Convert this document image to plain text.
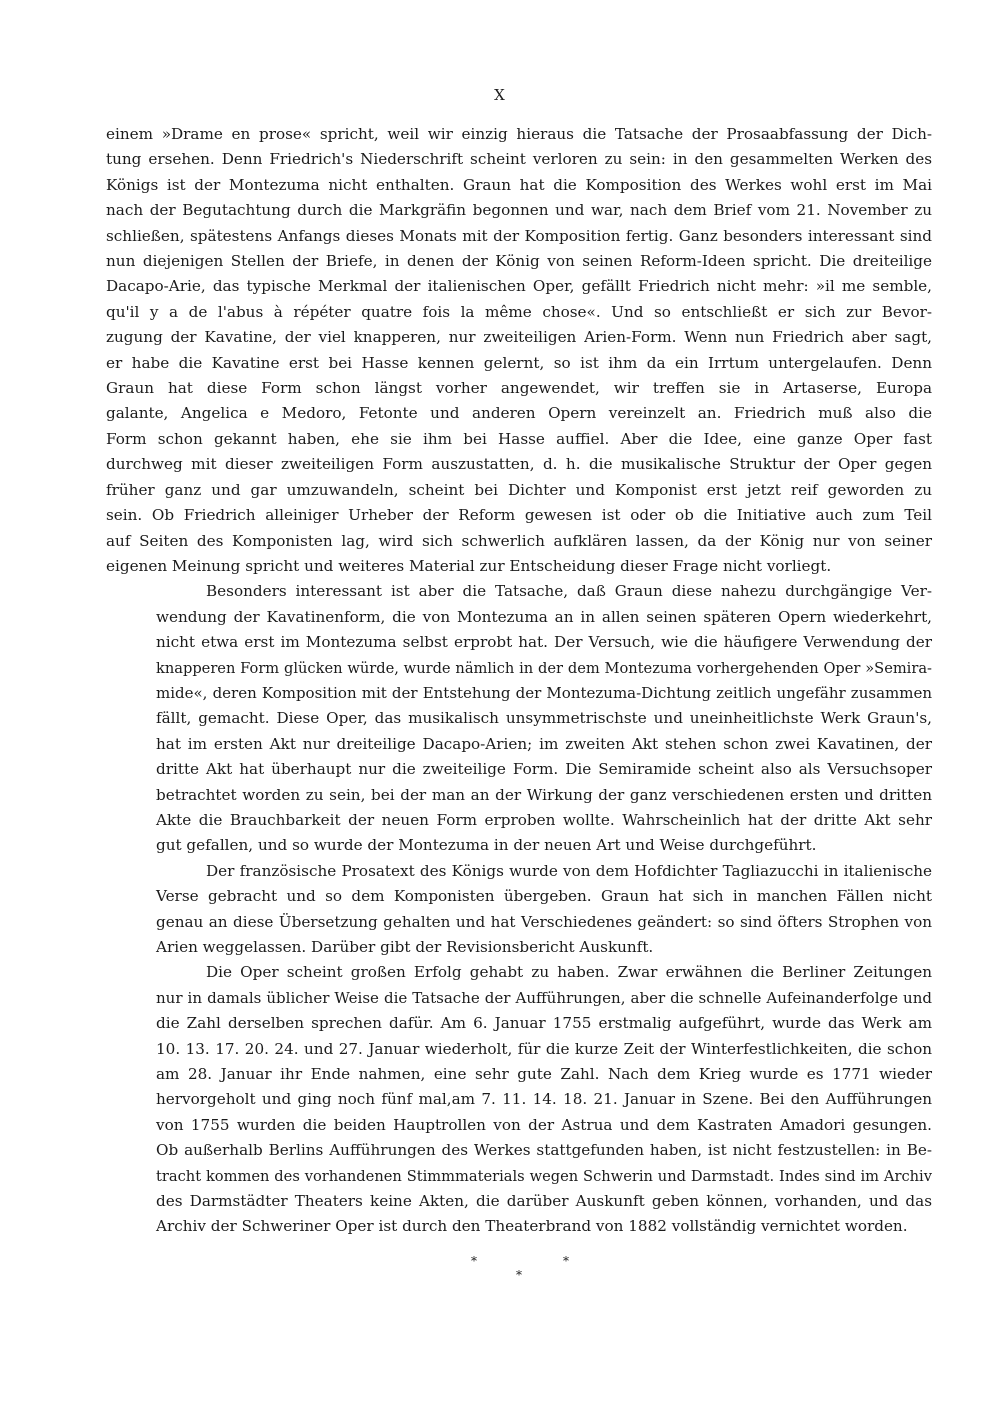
X
einem »Drame en prose« spricht, weil wir einzig hieraus die Tatsache der Prosaabfassung der Dich-
tung ersehen. Denn Friedrich's Niederschrift scheint verloren zu sein: in den gesammelten Werken des
Königs ist der Montezuma nicht enthalten. Graun hat die Komposition des Werkes wohl erst im Mai
nach der Begutachtung durch die Markgräfin begonnen und war, nach dem Brief vom 21. November zu
schließen, spätestens Anfangs dieses Monats mit der Komposition fertig. Ganz besonders interessant sind
nun diejenigen Stellen der Briefe, in denen der König von seinen Reform-Ideen spricht. Die dreiteilige
Dacapo-Arie, das typische Merkmal der italienischen Oper, gefällt Friedrich nicht mehr: »il me semble,
qu'il y a de l'abus à répéter quatre fois la même chose«. Und so entschließt er sich zur Bevor-
zugung der Kavatine, der viel knapperen, nur zweiteiligen Arien-Form. Wenn nun Friedrich aber sagt,
er habe die Kavatine erst bei Hasse kennen gelernt, so ist ihm da ein Irrtum untergelaufen. Denn
Graun hat diese Form schon längst vorher angewendet, wir treffen sie in Artaserse, Europa
galante, Angelica e Medoro, Fetonte und anderen Opern vereinzelt an. Friedrich muß also die
Form schon gekannt haben, ehe sie ihm bei Hasse auffiel. Aber die Idee, eine ganze Oper fast
durchweg mit dieser zweiteiligen Form auszustatten, d. h. die musikalische Struktur der Oper gegen
früher ganz und gar umzuwandeln, scheint bei Dichter und Komponist erst jetzt reif geworden zu
sein. Ob Friedrich alleiniger Urheber der Reform gewesen ist oder ob die Initiative auch zum Teil
auf Seiten des Komponisten lag, wird sich schwerlich aufklären lassen, da der König nur von seiner
eigenen Meinung spricht und weiteres Material zur Entscheidung dieser Frage nicht vorliegt.
Besonders interessant ist aber die Tatsache, daß Graun diese nahezu durchgängige Ver-
wendung der Kavatinenform, die von Montezuma an in allen seinen späteren Opern wiederkehrt,
nicht etwa erst im Montezuma selbst erprobt hat. Der Versuch, wie die häufigere Verwendung der
knapperen Form glücken würde, wurde nämlich in der dem Montezuma vorhergehenden Oper »Semira-
mide«, deren Komposition mit der Entstehung der Montezuma-Dichtung zeitlich ungefähr zusammen
fällt, gemacht. Diese Oper, das musikalisch unsymmetrischste und uneinheitlichste Werk Graun's,
hat im ersten Akt nur dreiteilige Dacapo-Arien; im zweiten Akt stehen schon zwei Kavatinen, der
dritte Akt hat überhaupt nur die zweiteilige Form. Die Semiramide scheint also als Versuchsoper
betrachtet worden zu sein, bei der man an der Wirkung der ganz verschiedenen ersten und dritten
Akte die Brauchbarkeit der neuen Form erproben wollte. Wahrscheinlich hat der dritte Akt sehr
gut gefallen, und so wurde der Montezuma in der neuen Art und Weise durchgeführt.
Der französische Prosatext des Königs wurde von dem Hofdichter Tagliazucchi in italienische
Verse gebracht und so dem Komponisten übergeben. Graun hat sich in manchen Fällen nicht
genau an diese Übersetzung gehalten und hat Verschiedenes geändert: so sind öfters Strophen von
Arien weggelassen. Darüber gibt der Revisionsbericht Auskunft.
Die Oper scheint großen Erfolg gehabt zu haben. Zwar erwähnen die Berliner Zeitungen
nur in damals üblicher Weise die Tatsache der Aufführungen, aber die schnelle Aufeinanderfolge und
die Zahl derselben sprechen dafür. Am 6. Januar 1755 erstmalig aufgeführt, wurde das Werk am
10. 13. 17. 20. 24. und 27. Januar wiederholt, für die kurze Zeit der Winterfestlichkeiten, die schon
am 28. Januar ihr Ende nahmen, eine sehr gute Zahl. Nach dem Krieg wurde es 1771 wieder
hervorgeholt und ging noch fünf mal,am 7. 11. 14. 18. 21. Januar in Szene. Bei den Aufführungen
von 1755 wurden die beiden Hauptrollen von der Astrua und dem Kastraten Amadori gesungen.
Ob außerhalb Berlins Aufführungen des Werkes stattgefunden haben, ist nicht festzustellen: in Be-
tracht kommen des vorhandenen Stimmmaterials wegen Schwerin und Darmstadt. Indes sind im Archiv
des Darmstädter Theaters keine Akten, die darüber Auskunft geben können, vorhanden, und das
Archiv der Schweriner Oper ist durch den Theaterbrand von 1882 vollständig vernichtet worden.
*	*
*
